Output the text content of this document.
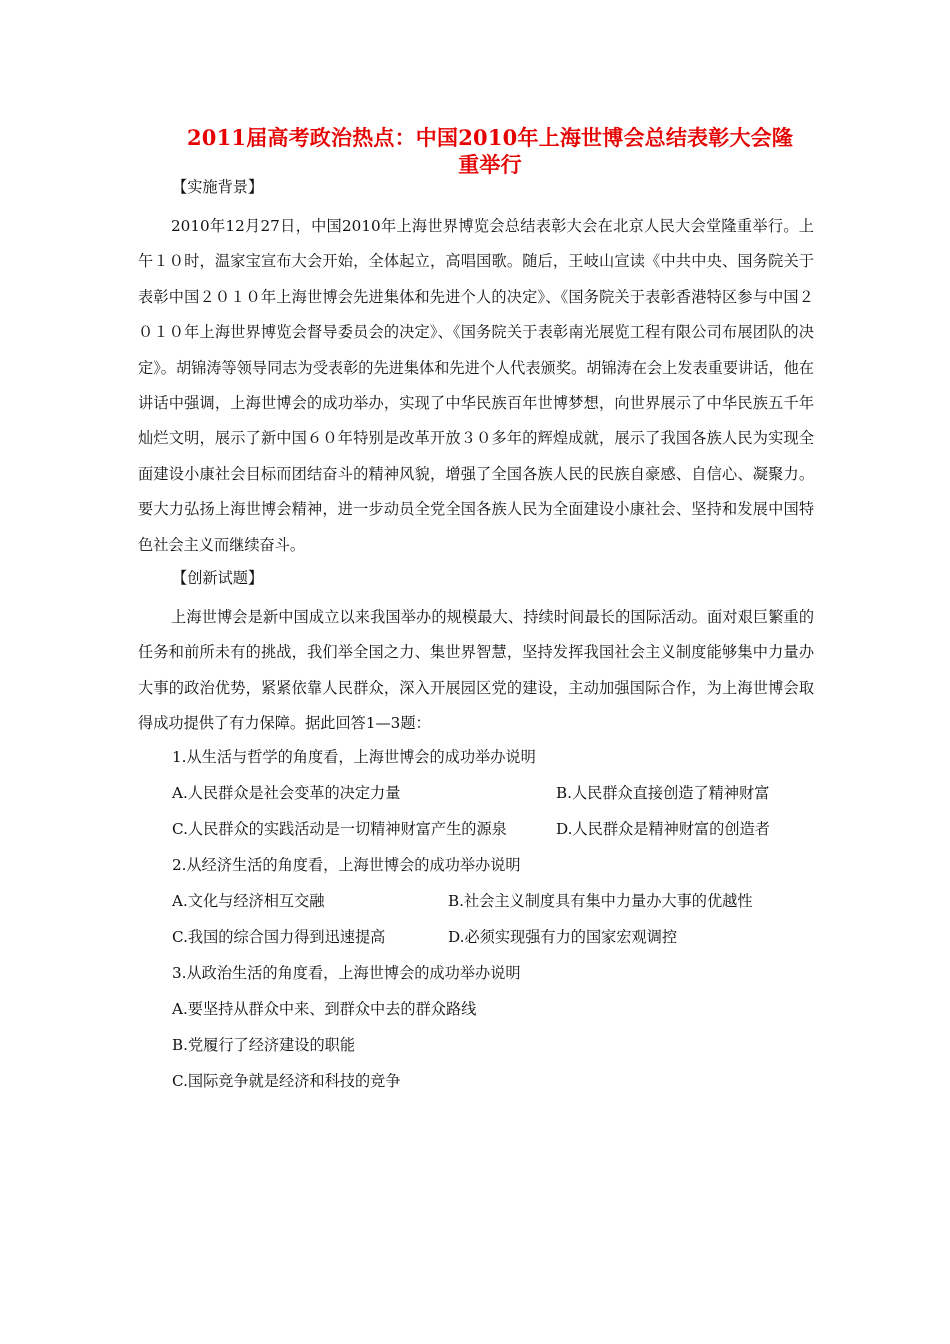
2011届高考政治热点：中国2010年上海世博会总结表彰大会隆
重举行

【实施背景】

2010年12月27日，中国2010年上海世界博览会总结表彰大会在北京人民大会堂隆重举行。上午１０时，温家宝宣布大会开始，全体起立，高唱国歌。随后，王岐山宣读《中共中央、国务院关于表彰中国２０１０年上海世博会先进集体和先进个人的决定》、《国务院关于表彰香港特区参与中国２０１０年上海世界博览会督导委员会的决定》、《国务院关于表彰南光展览工程有限公司布展团队的决定》。胡锦涛等领导同志为受表彰的先进集体和先进个人代表颁奖。胡锦涛在会上发表重要讲话，他在讲话中强调，上海世博会的成功举办，实现了中华民族百年世博梦想，向世界展示了中华民族五千年灿烂文明，展示了新中国６０年特别是改革开放３０多年的辉煌成就，展示了我国各族人民为实现全面建设小康社会目标而团结奋斗的精神风貌，增强了全国各族人民的民族自豪感、自信心、凝聚力。要大力弘扬上海世博会精神，进一步动员全党全国各族人民为全面建设小康社会、坚持和发展中国特色社会主义而继续奋斗。

【创新试题】

上海世博会是新中国成立以来我国举办的规模最大、持续时间最长的国际活动。面对艰巨繁重的任务和前所未有的挑战，我们举全国之力、集世界智慧，坚持发挥我国社会主义制度能够集中力量办大事的政治优势，紧紧依靠人民群众，深入开展园区党的建设，主动加强国际合作，为上海世博会取得成功提供了有力保障。据此回答1—3题：

1.从生活与哲学的角度看，上海世博会的成功举办说明

A.人民群众是社会变革的决定力量	B.人民群众直接创造了精神财富
C.人民群众的实践活动是一切精神财富产生的源泉	D.人民群众是精神财富的创造者

2.从经济生活的角度看，上海世博会的成功举办说明

A.文化与经济相互交融	B.社会主义制度具有集中力量办大事的优越性
C.我国的综合国力得到迅速提高	D.必须实现强有力的国家宏观调控

3.从政治生活的角度看，上海世博会的成功举办说明

A.要坚持从群众中来、到群众中去的群众路线

B.党履行了经济建设的职能

C.国际竞争就是经济和科技的竞争
